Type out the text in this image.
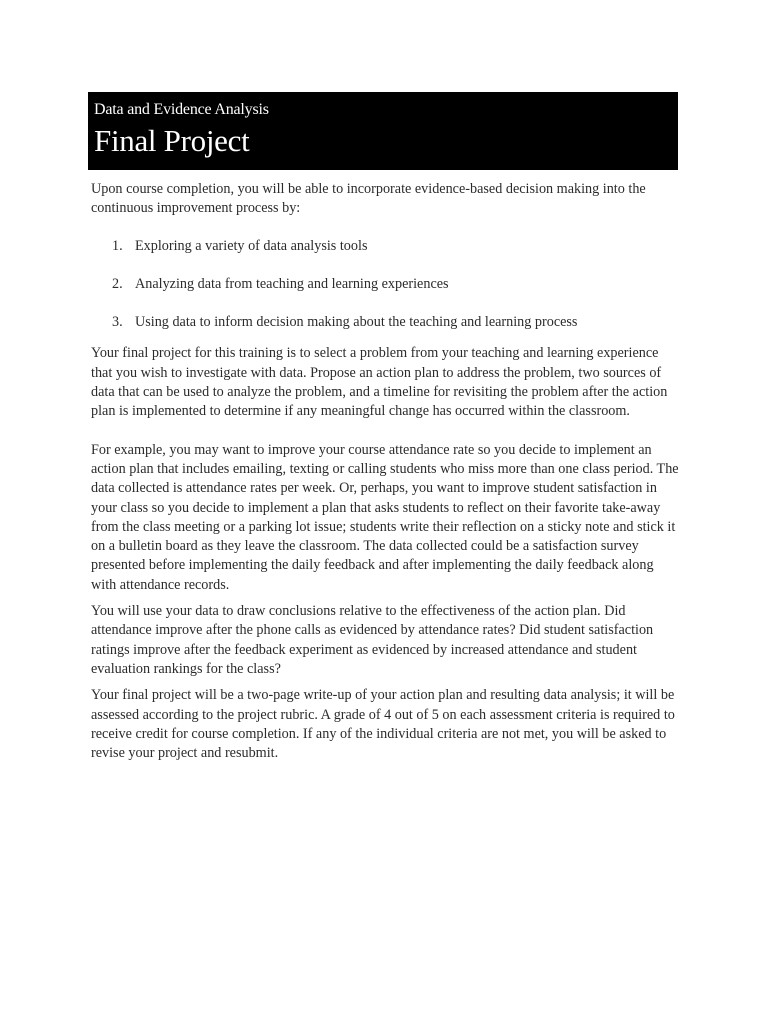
Data and Evidence Analysis
Final Project

Upon course completion, you will be able to incorporate evidence-based decision making into the continuous improvement process by:

1. Exploring a variety of data analysis tools
2. Analyzing data from teaching and learning experiences
3. Using data to inform decision making about the teaching and learning process

Your final project for this training is to select a problem from your teaching and learning experience that you wish to investigate with data. Propose an action plan to address the problem, two sources of data that can be used to analyze the problem, and a timeline for revisiting the problem after the action plan is implemented to determine if any meaningful change has occurred within the classroom.

For example, you may want to improve your course attendance rate so you decide to implement an action plan that includes emailing, texting or calling students who miss more than one class period. The data collected is attendance rates per week. Or, perhaps, you want to improve student satisfaction in your class so you decide to implement a plan that asks students to reflect on their favorite take-away from the class meeting or a parking lot issue; students write their reflection on a sticky note and stick it on a bulletin board as they leave the classroom. The data collected could be a satisfaction survey presented before implementing the daily feedback and after implementing the daily feedback along with attendance records.

You will use your data to draw conclusions relative to the effectiveness of the action plan. Did attendance improve after the phone calls as evidenced by attendance rates? Did student satisfaction ratings improve after the feedback experiment as evidenced by increased attendance and student evaluation rankings for the class?

Your final project will be a two-page write-up of your action plan and resulting data analysis; it will be assessed according to the project rubric. A grade of 4 out of 5 on each assessment criteria is required to receive credit for course completion. If any of the individual criteria are not met, you will be asked to revise your project and resubmit.
